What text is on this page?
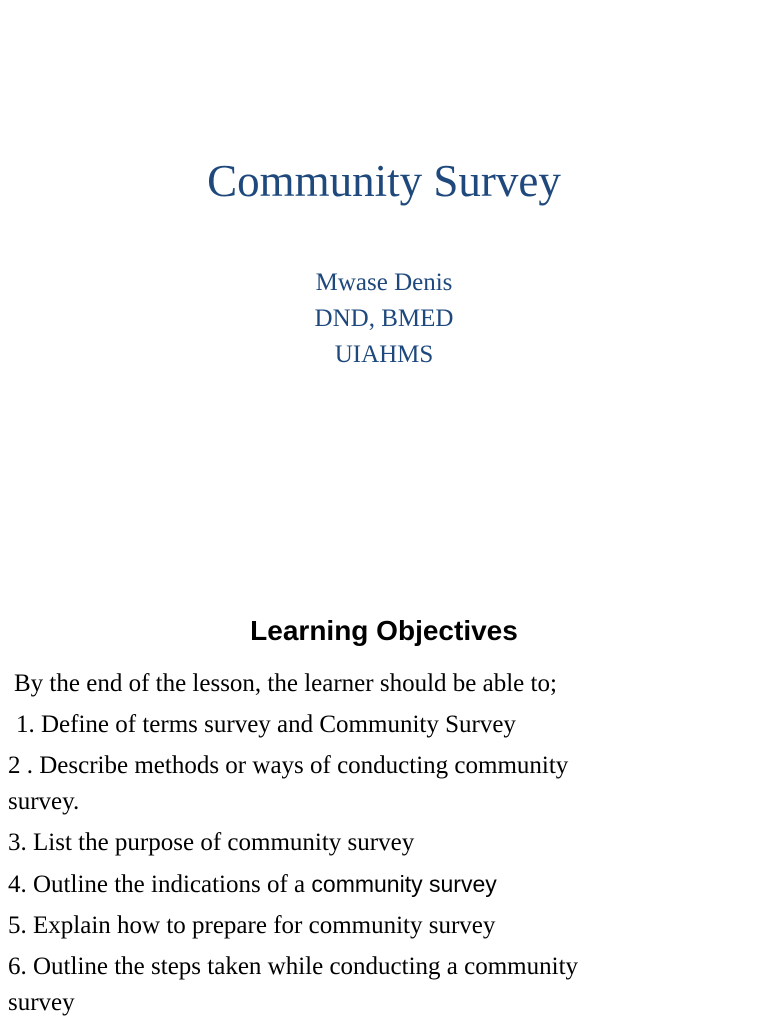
Community Survey
Mwase Denis
DND, BMED
UIAHMS
Learning Objectives
By the end of the lesson, the learner should be able to;
1. Define of terms survey and Community Survey
2 . Describe methods or ways of conducting community
survey.
3. List the purpose of community survey
4. Outline the indications of a community survey
5. Explain how to prepare for community survey
6. Outline the steps taken while conducting a community
survey
